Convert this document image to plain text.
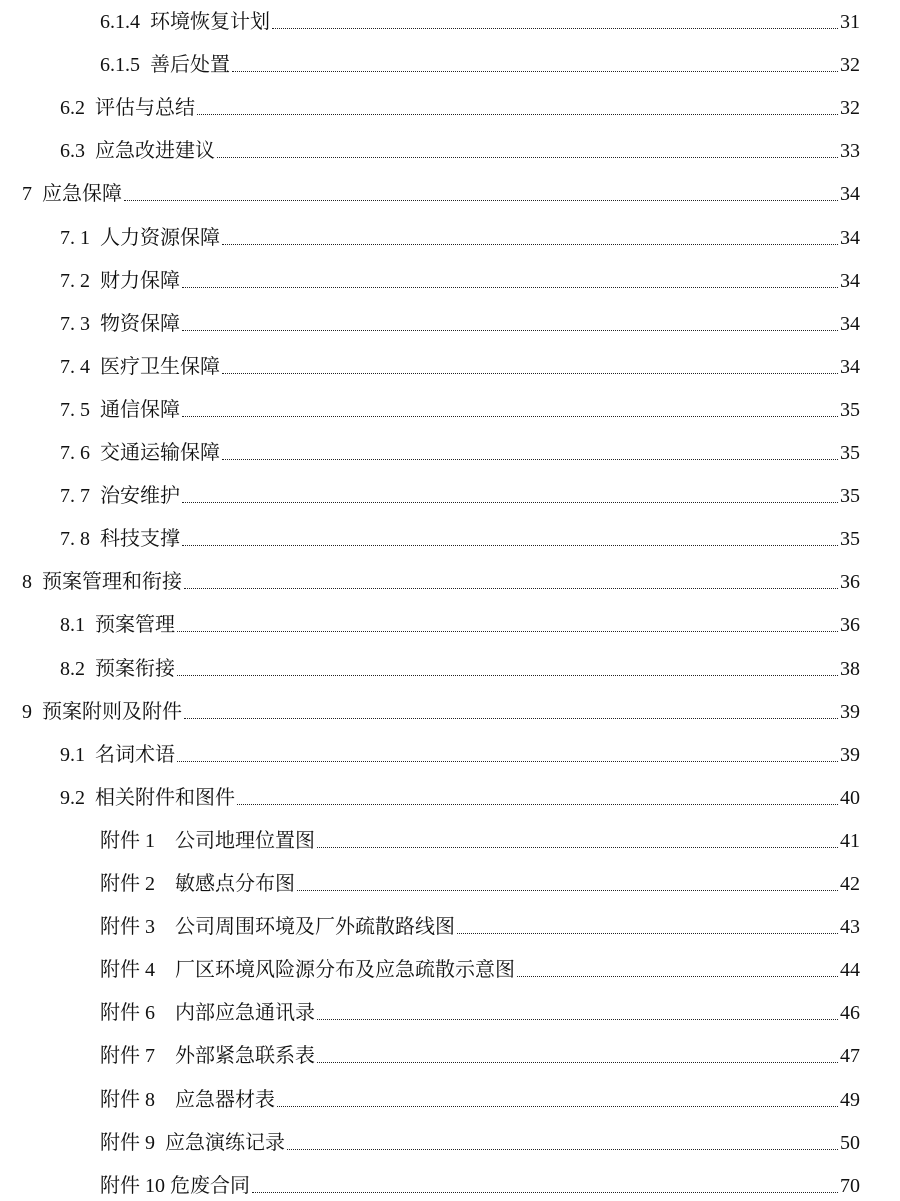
6.1.4  环境恢复计划	31
6.1.5  善后处置	32
6.2  评估与总结	32
6.3  应急改进建议	33
7  应急保障	34
7. 1  人力资源保障	34
7. 2  财力保障	34
7. 3  物资保障	34
7. 4  医疗卫生保障	34
7. 5  通信保障	35
7. 6  交通运输保障	35
7. 7  治安维护	35
7. 8  科技支撑	35
8  预案管理和衔接	36
8.1  预案管理	36
8.2  预案衔接	38
9  预案附则及附件	39
9.1  名词术语	39
9.2  相关附件和图件	40
附件 1    公司地理位置图	41
附件 2    敏感点分布图	42
附件 3    公司周围环境及厂外疏散路线图	43
附件 4    厂区环境风险源分布及应急疏散示意图	44
附件 6    内部应急通讯录	46
附件 7    外部紧急联系表	47
附件 8    应急器材表	49
附件 9  应急演练记录	50
附件 10 危废合同	70
